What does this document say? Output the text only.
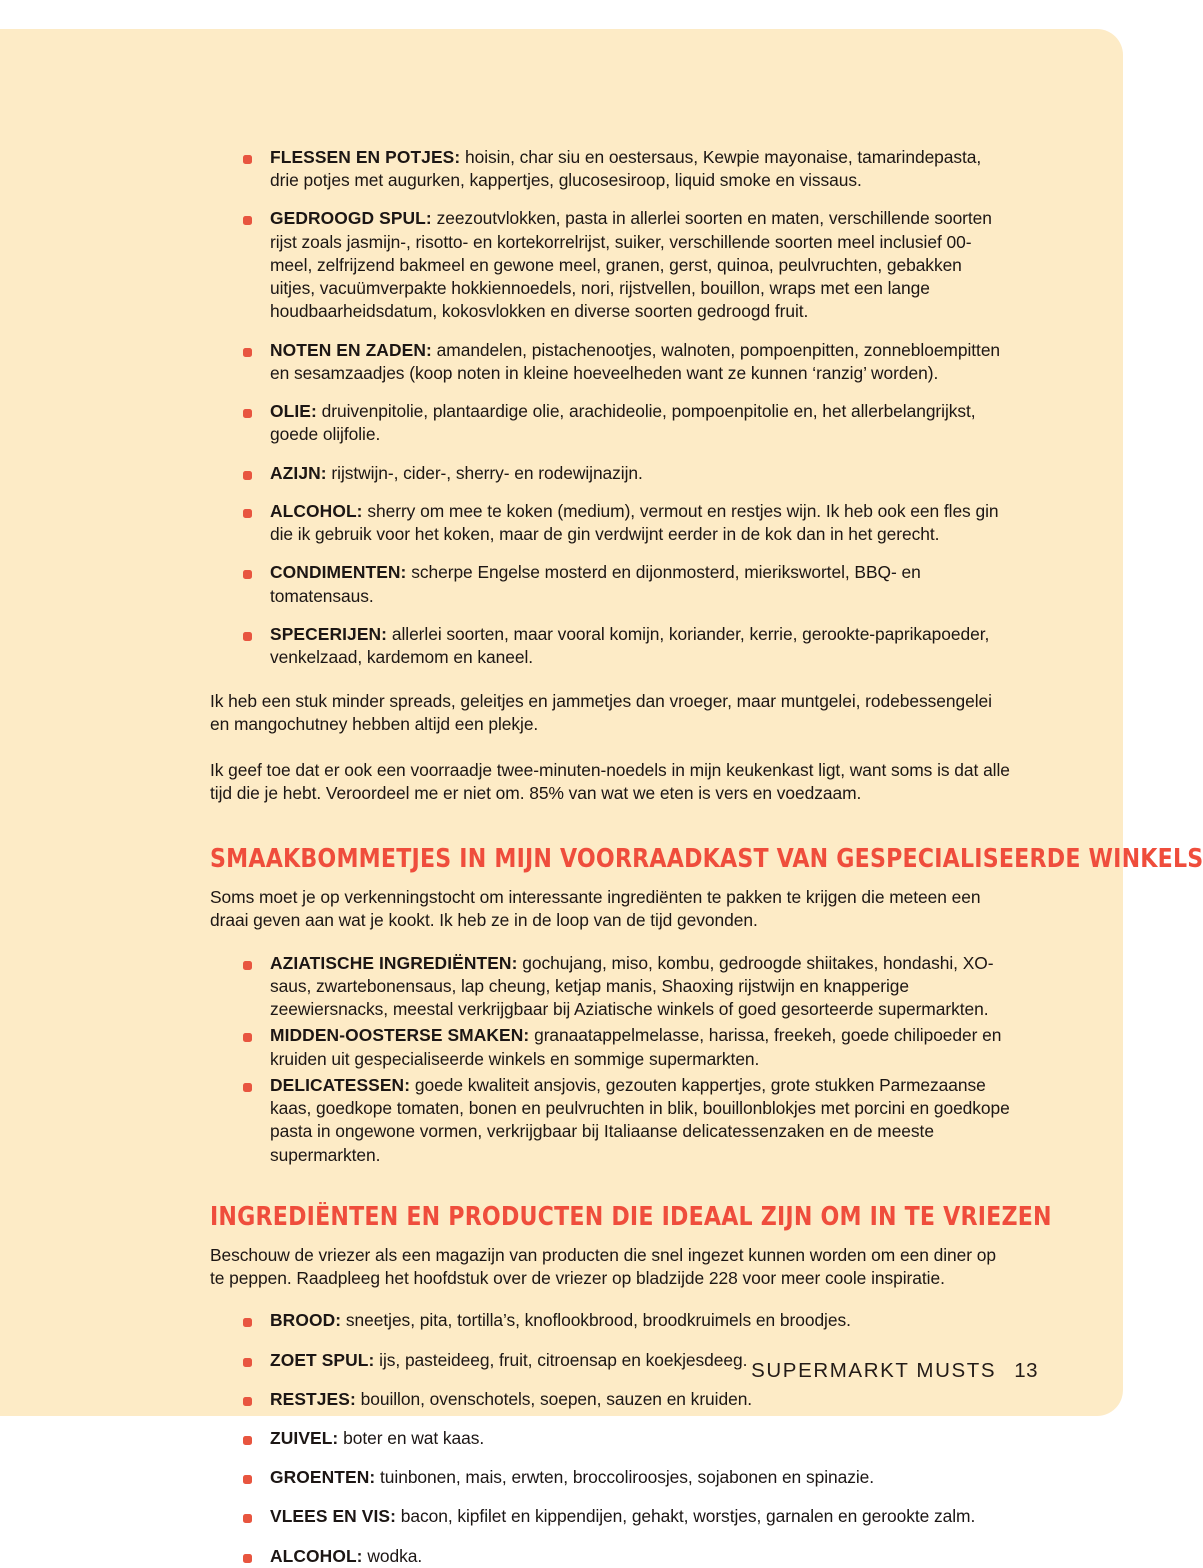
FLESSEN EN POTJES: hoisin, char siu en oestersaus, Kewpie mayonaise, tamarindepasta, drie potjes met augurken, kappertjes, glucosesiroop, liquid smoke en vissaus.
GEDROOGD SPUL: zeezoutvlokken, pasta in allerlei soorten en maten, verschillende soorten rijst zoals jasmijn-, risotto- en kortekorrelrijst, suiker, verschillende soorten meel inclusief 00-meel, zelfrijzend bakmeel en gewone meel, granen, gerst, quinoa, peulvruchten, gebakken uitjes, vacuümverpakte hokkiennoedels, nori, rijstvellen, bouillon, wraps met een lange houdbaarheidsdatum, kokosvlokken en diverse soorten gedroogd fruit.
NOTEN EN ZADEN: amandelen, pistachenootjes, walnoten, pompoenpitten, zonnebloempitten en sesamzaadjes (koop noten in kleine hoeveelheden want ze kunnen ‘ranzig’ worden).
OLIE: druivenpitolie, plantaardige olie, arachideolie, pompoenpitolie en, het allerbelangrijkst, goede olijfolie.
AZIJN: rijstwijn-, cider-, sherry- en rodewijnazijn.
ALCOHOL: sherry om mee te koken (medium), vermout en restjes wijn. Ik heb ook een fles gin die ik gebruik voor het koken, maar de gin verdwijnt eerder in de kok dan in het gerecht.
CONDIMENTEN: scherpe Engelse mosterd en dijonmosterd, mierikswortel, BBQ- en tomatensaus.
SPECERIJEN: allerlei soorten, maar vooral komijn, koriander, kerrie, gerookte-paprikapoeder, venkelzaad, kardemom en kaneel.

Ik heb een stuk minder spreads, geleitjes en jammetjes dan vroeger, maar muntgelei, rodebessengelei en mangochutney hebben altijd een plekje.

Ik geef toe dat er ook een voorraadje twee-minuten-noedels in mijn keukenkast ligt, want soms is dat alle tijd die je hebt. Veroordeel me er niet om. 85% van wat we eten is vers en voedzaam.

SMAAKBOMMETJES IN MIJN VOORRAADKAST VAN GESPECIALISEERDE WINKELS

Soms moet je op verkenningstocht om interessante ingrediënten te pakken te krijgen die meteen een draai geven aan wat je kookt. Ik heb ze in de loop van de tijd gevonden.

AZIATISCHE INGREDIËNTEN: gochujang, miso, kombu, gedroogde shiitakes, hondashi, XO-saus, zwartebonensaus, lap cheung, ketjap manis, Shaoxing rijstwijn en knapperige zeewiersnacks, meestal verkrijgbaar bij Aziatische winkels of goed gesorteerde supermarkten.
MIDDEN-OOSTERSE SMAKEN: granaatappelmelasse, harissa, freekeh, goede chilipoeder en kruiden uit gespecialiseerde winkels en sommige supermarkten.
DELICATESSEN: goede kwaliteit ansjovis, gezouten kappertjes, grote stukken Parmezaanse kaas, goedkope tomaten, bonen en peulvruchten in blik, bouillonblokjes met porcini en goedkope pasta in ongewone vormen, verkrijgbaar bij Italiaanse delicatessenzaken en de meeste supermarkten.
INGREDIËNTEN EN PRODUCTEN DIE IDEAAL ZIJN OM IN TE VRIEZEN

Beschouw de vriezer als een magazijn van producten die snel ingezet kunnen worden om een diner op te peppen. Raadpleeg het hoofdstuk over de vriezer op bladzijde 228 voor meer coole inspiratie.

BROOD: sneetjes, pita, tortilla’s, knoflookbrood, broodkruimels en broodjes.
ZOET SPUL: ijs, pasteideeg, fruit, citroensap en koekjesdeeg.
RESTJES: bouillon, ovenschotels, soepen, sauzen en kruiden.
ZUIVEL: boter en wat kaas.
GROENTEN: tuinbonen, mais, erwten, broccoliroosjes, sojabonen en spinazie.
VLEES EN VIS: bacon, kipfilet en kippendijen, gehakt, worstjes, garnalen en gerookte zalm.
ALCOHOL: wodka.
SUPERMARKT MUSTS 13
